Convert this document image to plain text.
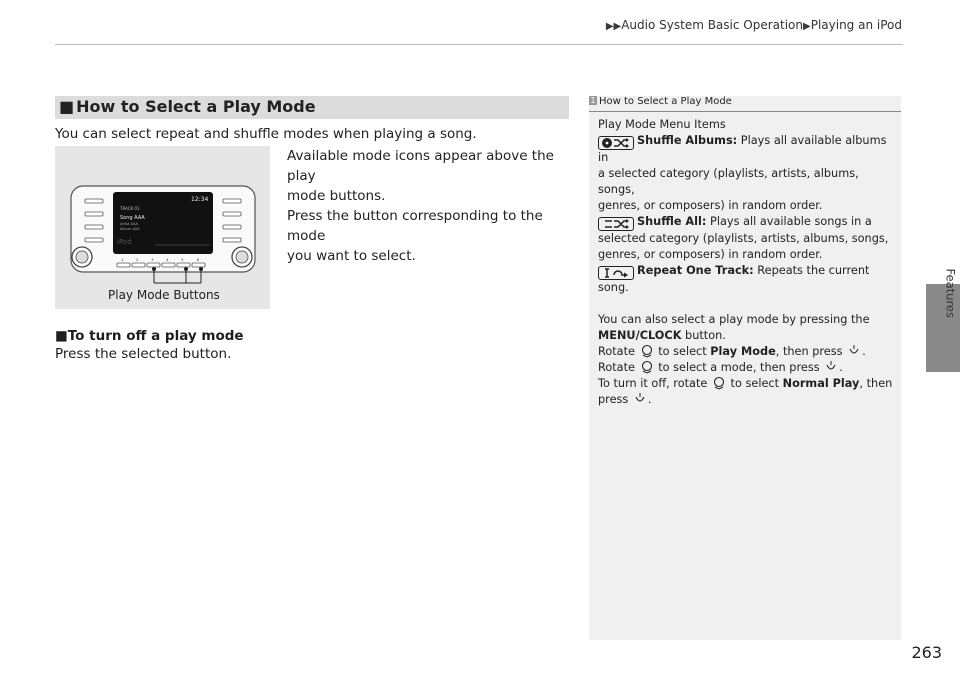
▶▶Audio System Basic Operation▶Playing an iPod
Features
■ How to Select a Play Mode
You can select repeat and shuffle modes when playing a song.
TRACK 01
Song AAA
Artist AAA
Album AAA
iPod
12:34
1	2	3	4	5	6
Play Mode Buttons
Available mode icons appear above the play
mode buttons.
Press the button corresponding to the mode
you want to select.
■To turn off a play mode
Press the selected button.
1 How to Select a Play Mode

Play Mode Menu Items

Shuffle Albums: Plays all available albums in

a selected category (playlists, artists, albums, songs,

genres, or composers) in random order.

Shuffle All: Plays all available songs in a

selected category (playlists, artists, albums, songs,

genres, or composers) in random order.

Repeat One Track: Repeats the current song.

You can also select a play mode by pressing the

MENU/CLOCK button.

Rotate to select Play Mode, then press .

Rotate to select a mode, then press .

To turn it off, rotate to select Normal Play, then

press .

263
